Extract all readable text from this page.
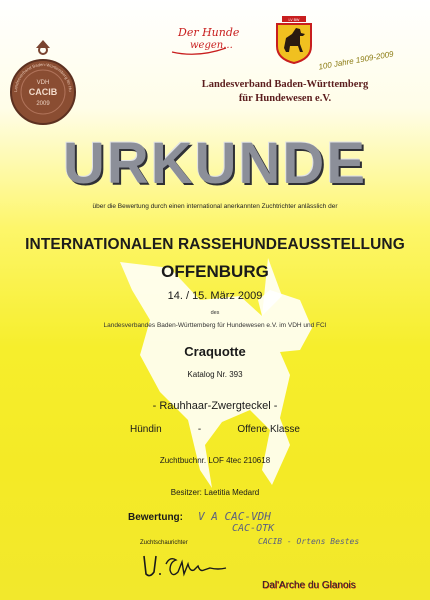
Landesverband Baden-Württemberg für Hu
VDH
CACIB
2009
Der Hunde
wegen...
LV BW
100 Jahre 1909-2009
Landesverband Baden-Württemberg
für Hundewesen e.V.
URKUNDE
über die Bewertung durch einen international anerkannten Zuchtrichter anlässlich der
INTERNATIONALEN RASSEHUNDEAUSSTELLUNG
OFFENBURG
14. / 15. März 2009
des
Landesverbandes Baden-Württemberg für Hundewesen e.V. im VDH und FCI
Craquotte
Katalog Nr. 393
- Rauhhaar-Zwergteckel -
Hündin	-	Offene Klasse
Zuchtbuchnr. LOF 4tec 210618
Besitzer: Laetitia Medard
Bewertung: V A CAC-VDH
CAC-OTK
CACIB - Ortens Bestes
Zuchtschaurichter
Dal'Arche du Glanois
